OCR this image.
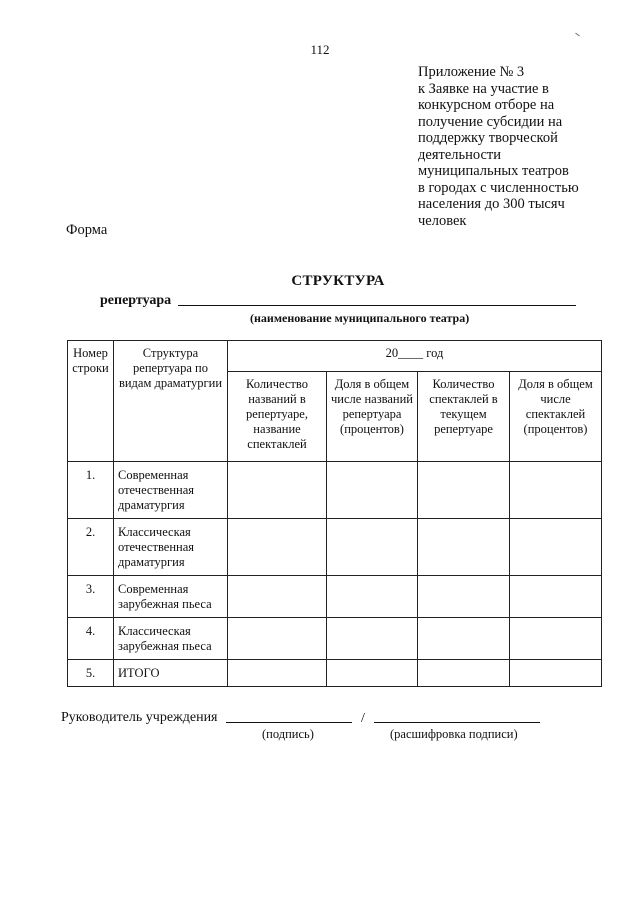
112
Приложение № 3
к Заявке на участие в
конкурсном отборе на
получение субсидии на
поддержку творческой
деятельности
муниципальных театров
в городах с численностью
населения до 300 тысяч
человек
Форма
СТРУКТУРА
репертуара
(наименование муниципального театра)
Номер строки	Структура репертуара по видам драматургии	20____ год			
		Количество названий в репертуаре, название спектаклей	Доля в общем числе названий репертуара (процентов)	Количество спектаклей в текущем репертуаре	Доля в общем числе спектаклей (процентов)
1.	Современная отечественная драматургия				
2.	Классическая отечественная драматургия				
3.	Современная зарубежная пьеса				
4.	Классическая зарубежная пьеса				
5.	ИТОГО				
Руководитель учреждения	/
(подпись)	(расшифровка подписи)
